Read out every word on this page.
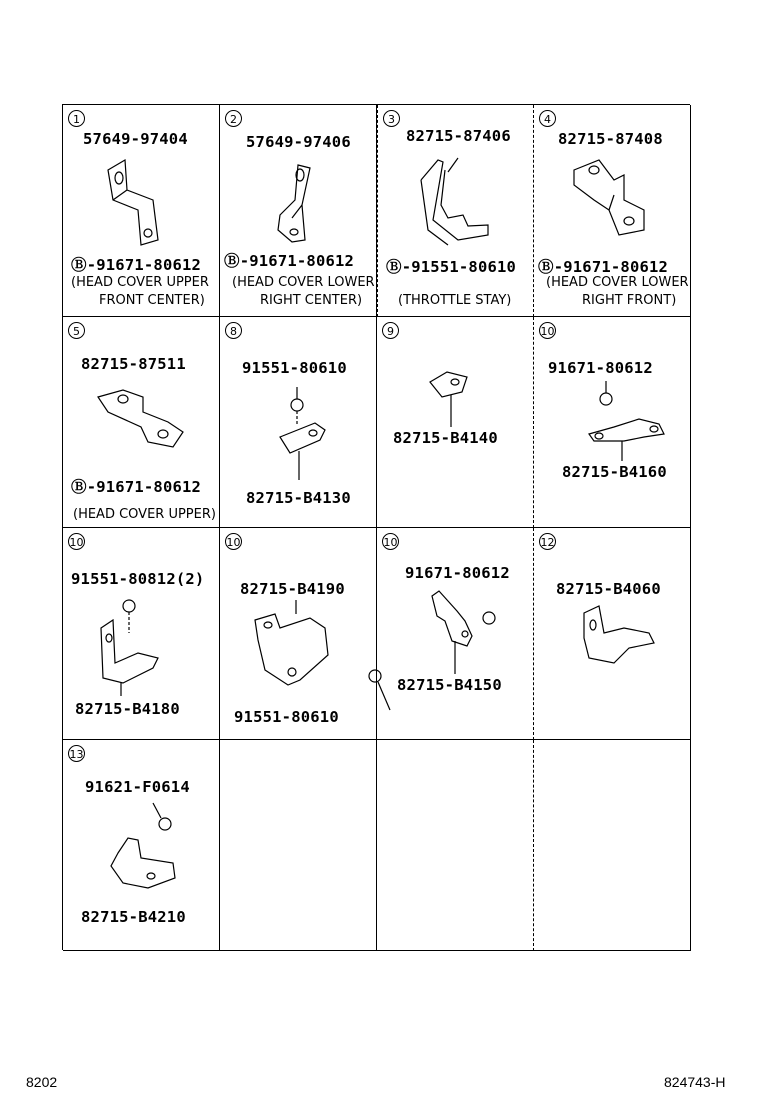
1
57649-97404
Ⓑ-91671-80612
(HEAD COVER UPPER
FRONT CENTER)
2
57649-97406
Ⓑ-91671-80612
(HEAD COVER LOWER
RIGHT CENTER)
3
82715-87406
Ⓑ-91551-80610
(THROTTLE STAY)
4
82715-87408
Ⓑ-91671-80612
(HEAD COVER LOWER
RIGHT FRONT)
5
82715-87511
Ⓑ-91671-80612
(HEAD COVER UPPER)
8
91551-80610
82715-B4130
9
82715-B4140
10
91671-80612
82715-B4160
10
91551-80812(2)
82715-B4180
10
82715-B4190
91551-80610
10
91671-80612
82715-B4150
12
82715-B4060
13
91621-F0614
82715-B4210
8202	824743-H
